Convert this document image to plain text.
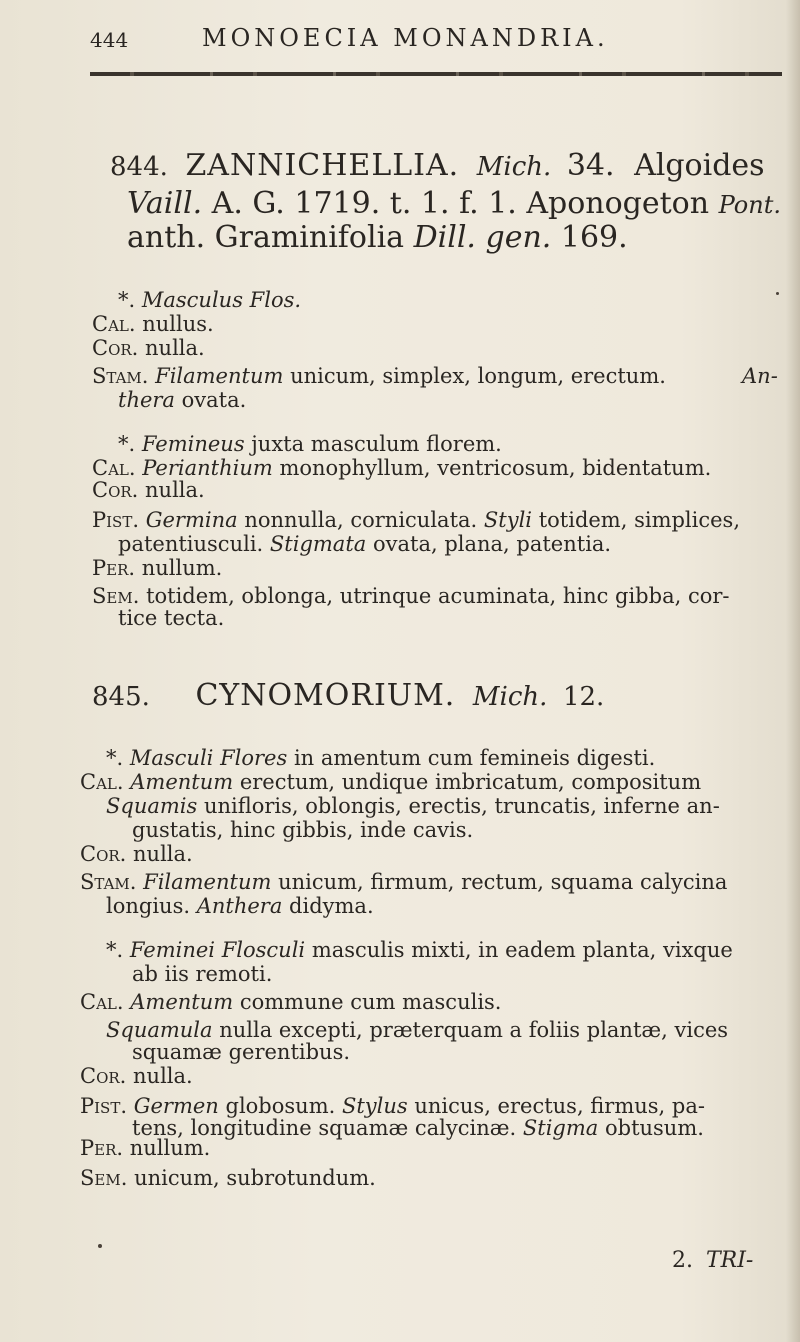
444	MONOECIA MONANDRIA.
844. ZANNICHELLIA. Mich. 34. Algoides
Vaill. A. G. 1719. t. 1. f. 1. Aponogeton Pont.
anth. Graminifolia Dill. gen. 169.
*. Masculus Flos.
Cal. nullus.
Cor. nulla.
Stam. Filamentum unicum, simplex, longum, erectum.	An-
thera ovata.
*. Femineus juxta masculum florem.
Cal. Perianthium monophyllum, ventricosum, bidentatum.
Cor. nulla.
Pist. Germina nonnulla, corniculata. Styli totidem, simplices,
patentiusculi. Stigmata ovata, plana, patentia.
Per. nullum.
Sem. totidem, oblonga, utrinque acuminata, hinc gibba, cor-
tice tecta.
845. CYNOMORIUM. Mich. 12.
*. Masculi Flores in amentum cum femineis digesti.
Cal. Amentum erectum, undique imbricatum, compositum
Squamis unifloris, oblongis, erectis, truncatis, inferne an-
gustatis, hinc gibbis, inde cavis.
Cor. nulla.
Stam. Filamentum unicum, firmum, rectum, squama calycina
longius. Anthera didyma.
*. Feminei Flosculi masculis mixti, in eadem planta, vixque
ab iis remoti.
Cal. Amentum commune cum masculis.
Squamula nulla excepti, præterquam a foliis plantæ, vices
squamæ gerentibus.
Cor. nulla.
Pist. Germen globosum. Stylus unicus, erectus, firmus, pa-
tens, longitudine squamæ calycinæ. Stigma obtusum.
Per. nullum.
Sem. unicum, subrotundum.
2. TRI-
